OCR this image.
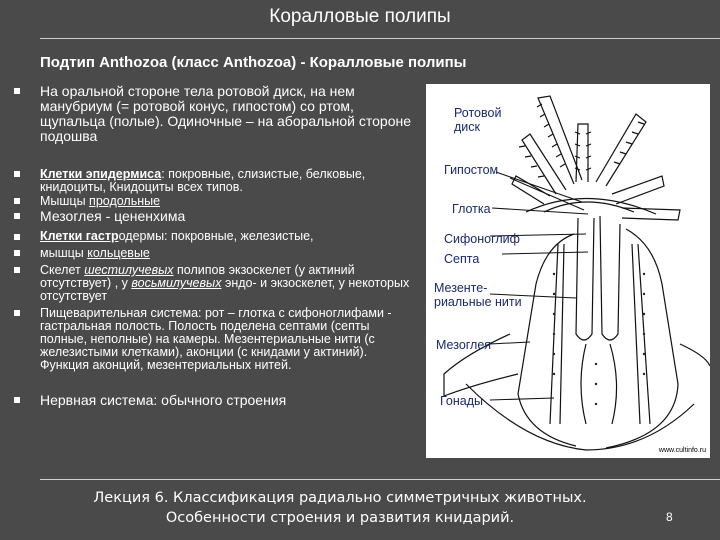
Коралловые полипы
Подтип Anthozoa (класс Anthozoa) - Коралловые полипы
На оральной стороне тела ротовой диск, на нем манубриум (= ротовой конус, гипостом) со ртом, щупальца (полые). Одиночные – на аборальной стороне подошва
Клетки эпидермиса: покровные, слизистые, белковые, книдоциты, Книдоциты всех типов.
Мышцы продольные
Мезоглея - цененхима
Клетки гастродермы: покровные, железистые,
мышцы кольцевые
Скелет шестилучевых полипов экзоскелет (у актиний отсутствует) , у восьмилучевых эндо- и экзоскелет, у некоторых отсутствует
Пищеварительная система: рот – глотка с сифоноглифами - гастральная полость. Полость поделена септами (септы полные, неполные) на камеры. Мезентериальные нити (с железистыми клетками), аконции (с книдами у актиний). Функция аконций, мезентериальных нитей.
Нервная система: обычного строения
Ротовой диск
Гипостом
Глотка
Сифоноглиф
Септа
Мезенте- риальные нити
Мезоглея
Гонады
www.cultinfo.ru
Лекция 6. Классификация радиально симметричных животных.
Особенности строения и развития книдарий.	8
